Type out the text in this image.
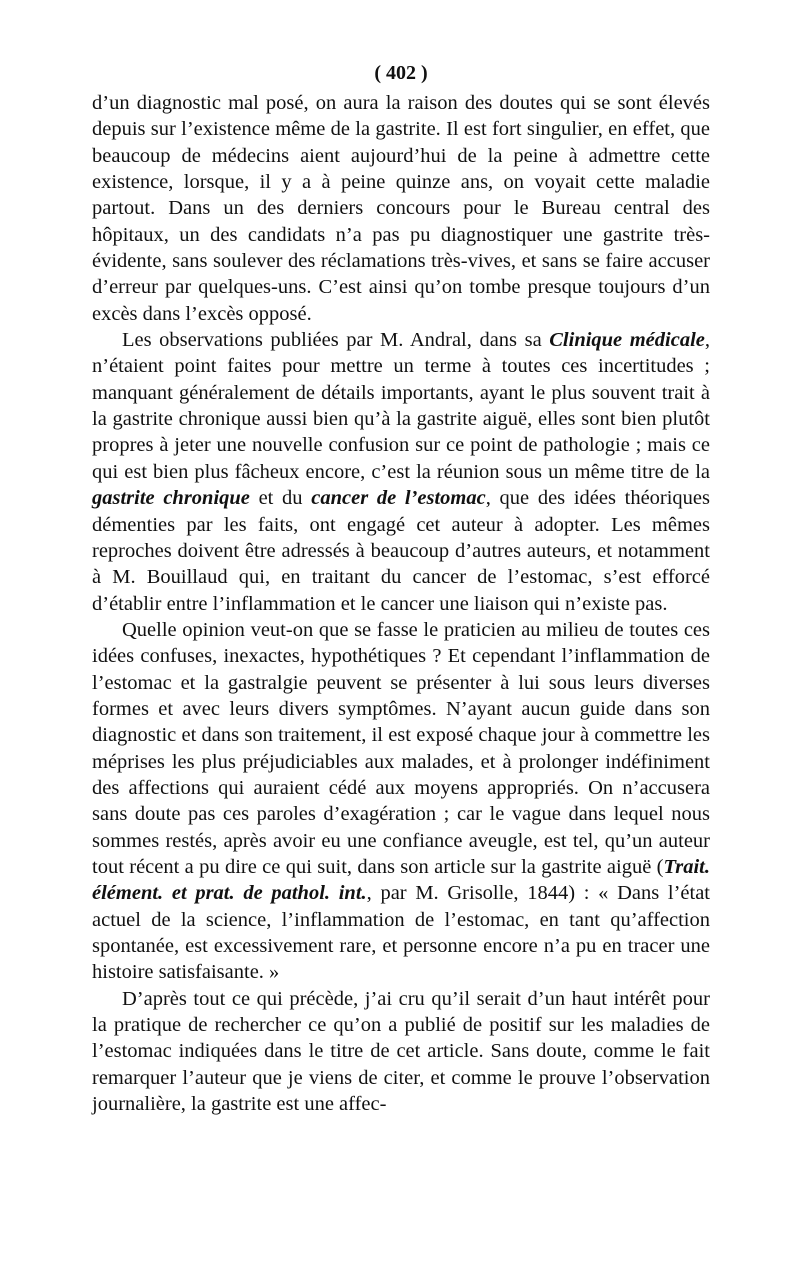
( 402 )

d’un diagnostic mal posé, on aura la raison des doutes qui se sont élevés depuis sur l’existence même de la gastrite. Il est fort singulier, en effet, que beaucoup de médecins aient aujourd’hui de la peine à admettre cette existence, lorsque, il y a à peine quinze ans, on voyait cette maladie partout. Dans un des derniers concours pour le Bureau central des hôpitaux, un des candidats n’a pas pu diagnostiquer une gastrite très-évidente, sans soulever des réclamations très-vives, et sans se faire accuser d’erreur par quelques-uns. C’est ainsi qu’on tombe presque toujours d’un excès dans l’excès opposé.

Les observations publiées par M. Andral, dans sa Clinique médicale, n’étaient point faites pour mettre un terme à toutes ces incertitudes ; manquant généralement de détails importants, ayant le plus souvent trait à la gastrite chronique aussi bien qu’à la gastrite aiguë, elles sont bien plutôt propres à jeter une nouvelle confusion sur ce point de pathologie ; mais ce qui est bien plus fâcheux encore, c’est la réunion sous un même titre de la gastrite chronique et du cancer de l’estomac, que des idées théoriques démenties par les faits, ont engagé cet auteur à adopter. Les mêmes reproches doivent être adressés à beaucoup d’autres auteurs, et notamment à M. Bouillaud qui, en traitant du cancer de l’estomac, s’est efforcé d’établir entre l’inflammation et le cancer une liaison qui n’existe pas.

Quelle opinion veut-on que se fasse le praticien au milieu de toutes ces idées confuses, inexactes, hypothétiques ? Et cependant l’inflammation de l’estomac et la gastralgie peuvent se présenter à lui sous leurs diverses formes et avec leurs divers symptômes. N’ayant aucun guide dans son diagnostic et dans son traitement, il est exposé chaque jour à commettre les méprises les plus préjudiciables aux malades, et à prolonger indéfiniment des affections qui auraient cédé aux moyens appropriés. On n’accusera sans doute pas ces paroles d’exagération ; car le vague dans lequel nous sommes restés, après avoir eu une confiance aveugle, est tel, qu’un auteur tout récent a pu dire ce qui suit, dans son article sur la gastrite aiguë (Trait. élément. et prat. de pathol. int., par M. Grisolle, 1844) : « Dans l’état actuel de la science, l’inflammation de l’estomac, en tant qu’affection spontanée, est excessivement rare, et personne encore n’a pu en tracer une histoire satisfaisante. »

D’après tout ce qui précède, j’ai cru qu’il serait d’un haut intérêt pour la pratique de rechercher ce qu’on a publié de positif sur les maladies de l’estomac indiquées dans le titre de cet article. Sans doute, comme le fait remarquer l’auteur que je viens de citer, et comme le prouve l’observation journalière, la gastrite est une affec-
